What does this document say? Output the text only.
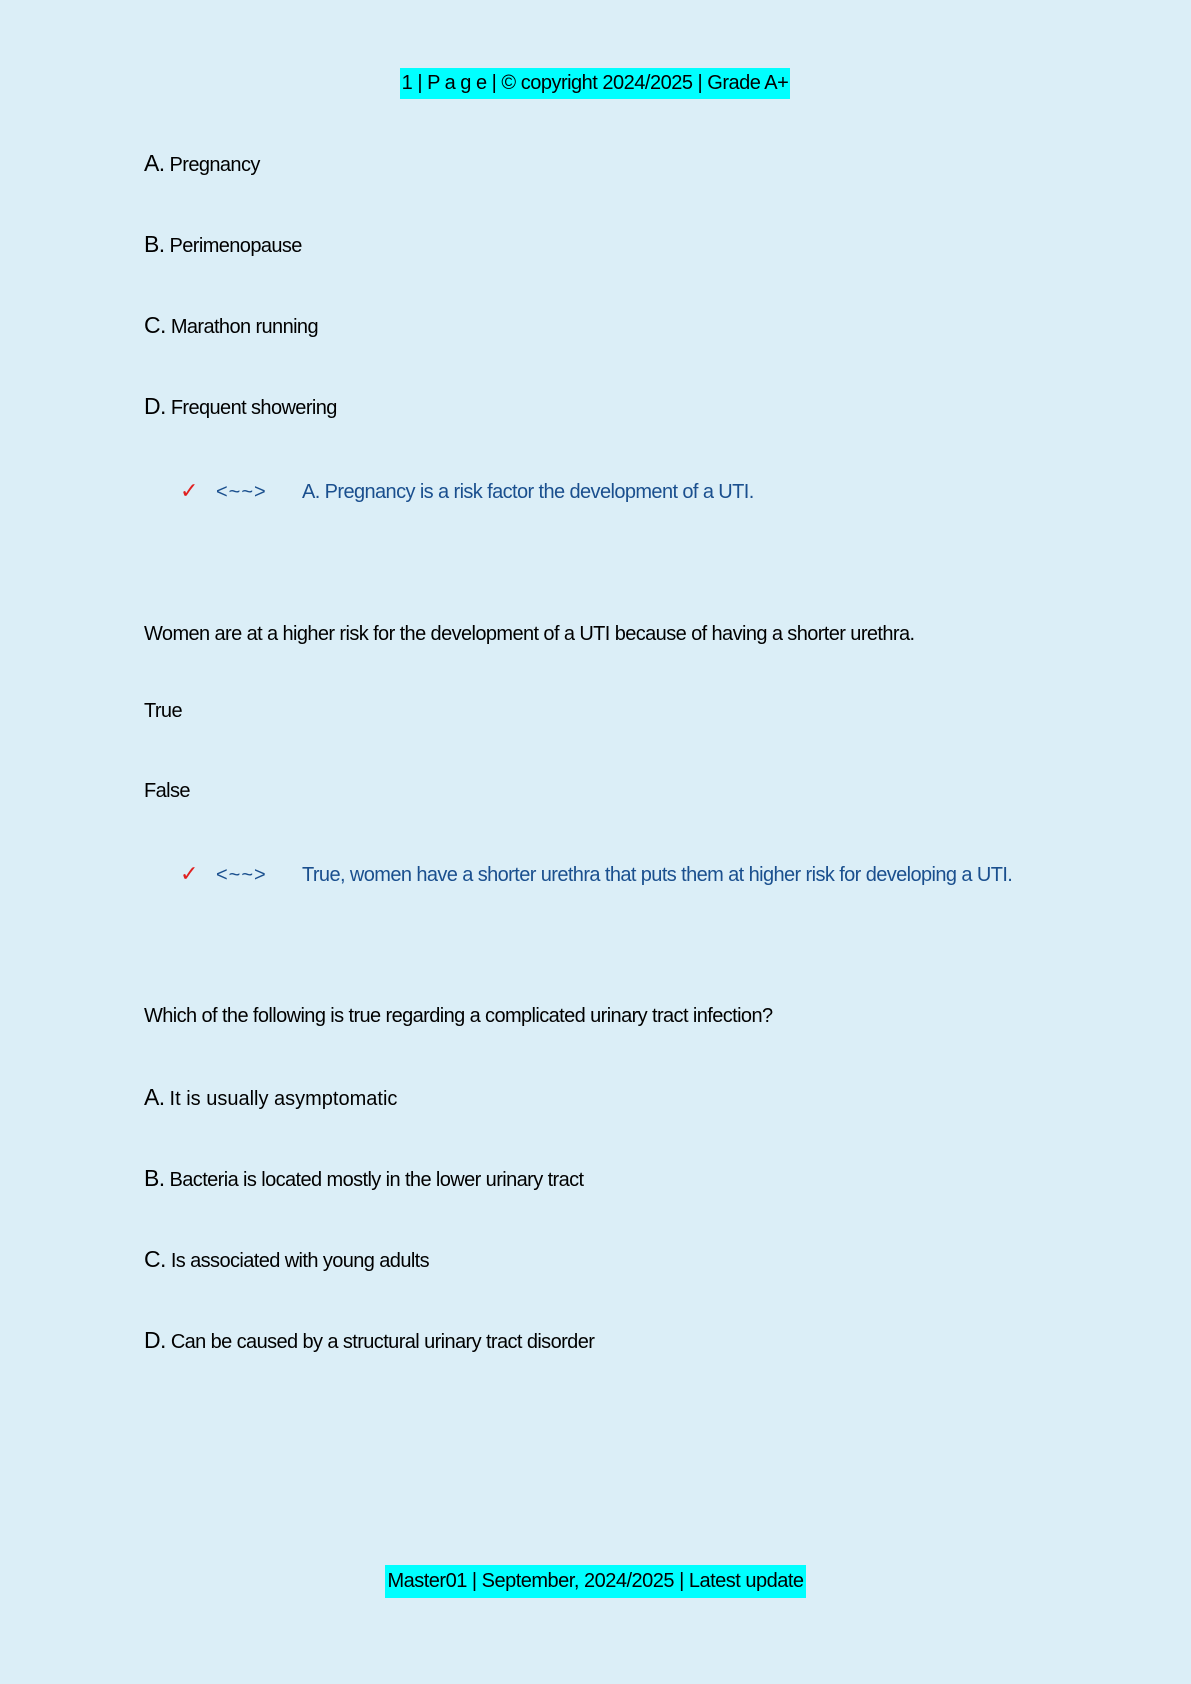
1 | P a g e | © copyright 2024/2025 | Grade A+
A. Pregnancy
B. Perimenopause
C. Marathon running
D. Frequent showering
✓ <~~> A. Pregnancy is a risk factor the development of a UTI.
Women are at a higher risk for the development of a UTI because of having a shorter urethra.
True
False
✓ <~~> True, women have a shorter urethra that puts them at higher risk for developing a UTI.
Which of the following is true regarding a complicated urinary tract infection?
A. It is usually asymptomatic
B. Bacteria is located mostly in the lower urinary tract
C. Is associated with young adults
D. Can be caused by a structural urinary tract disorder
Master01 | September, 2024/2025 | Latest update
